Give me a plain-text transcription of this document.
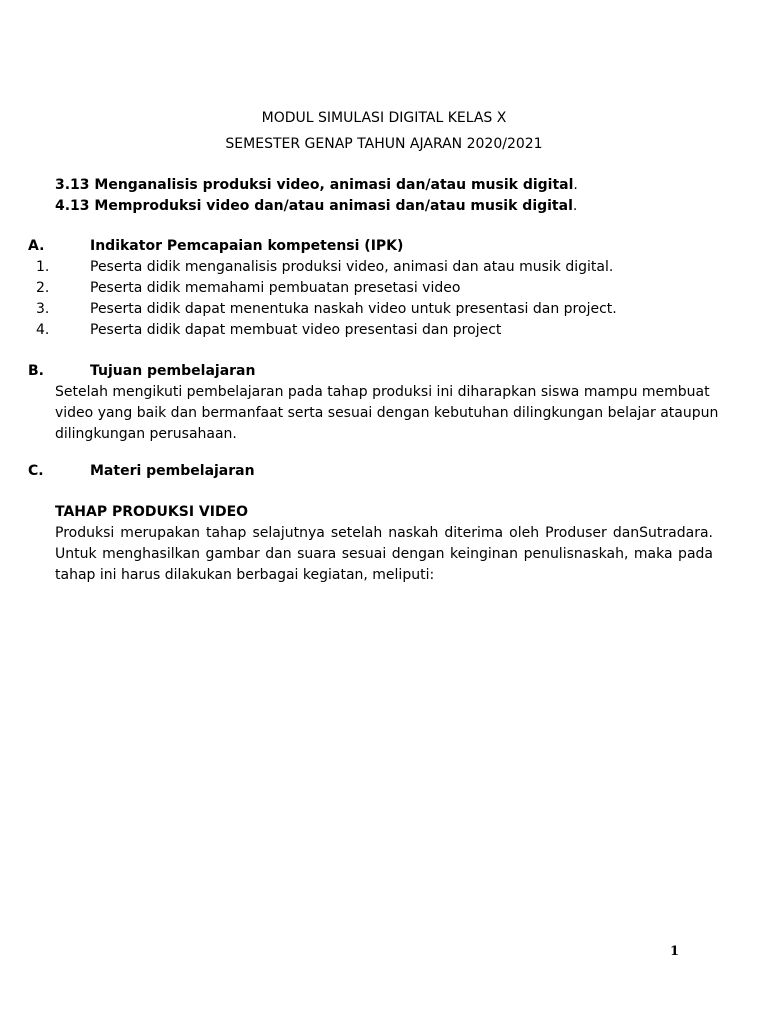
MODUL SIMULASI DIGITAL KELAS X
SEMESTER GENAP TAHUN AJARAN 2020/2021
3.13 Menganalisis produksi video, animasi dan/atau musik digital.
4.13 Memproduksi video dan/atau animasi dan/atau musik digital.
A.	Indikator Pemcapaian kompetensi (IPK)
1.	Peserta didik menganalisis produksi video, animasi dan atau musik digital.
2.	Peserta didik memahami pembuatan presetasi video
3.	Peserta didik dapat menentuka naskah video untuk presentasi dan project.
4.	Peserta didik dapat membuat video presentasi dan project
B.	Tujuan pembelajaran
Setelah mengikuti pembelajaran pada tahap produksi ini diharapkan siswa mampu membuat
video yang baik dan bermanfaat serta sesuai dengan kebutuhan dilingkungan belajar ataupun
dilingkungan perusahaan.
C.	Materi pembelajaran
TAHAP PRODUKSI VIDEO
Produksi merupakan tahap selajutnya setelah naskah diterima oleh Produser danSutradara. Untuk menghasilkan gambar dan suara sesuai dengan keinginan penulisnaskah, maka pada tahap ini harus dilakukan berbagai kegiatan, meliputi:
1
